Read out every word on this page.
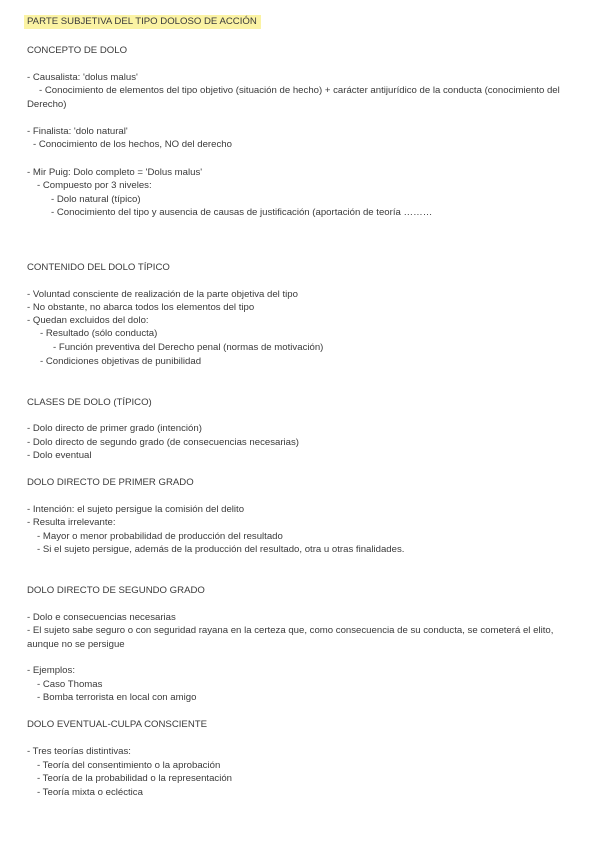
PARTE SUBJETIVA DEL TIPO DOLOSO DE ACCIÓN

CONCEPTO DE DOLO

- Causalista: 'dolus malus'

- Conocimiento de elementos del tipo objetivo (situación de hecho) + carácter antijurídico de la conducta (conocimiento del Derecho)

- Finalista: 'dolo natural'

- Conocimiento de los hechos, NO del derecho

- Mir Puig: Dolo completo = 'Dolus malus'

- Compuesto por 3 niveles:

- Dolo natural (típico)

- Conocimiento del tipo y ausencia de causas de justificación (aportación de teoría ………

CONTENIDO DEL DOLO TÍPICO

- Voluntad consciente de realización de la parte objetiva del tipo

- No obstante, no abarca todos los elementos del tipo

- Quedan excluidos del dolo:

- Resultado (sólo conducta)

- Función preventiva del Derecho penal (normas de motivación)

- Condiciones objetivas de punibilidad

CLASES DE DOLO (TÍPICO)

- Dolo directo de primer grado (intención)

- Dolo directo de segundo grado (de consecuencias necesarias)

- Dolo eventual

DOLO DIRECTO DE PRIMER GRADO

- Intención: el sujeto persigue la comisión del delito

- Resulta irrelevante:

- Mayor o menor probabilidad de producción del resultado

- Si el sujeto persigue, además de la producción del resultado, otra u otras finalidades.

DOLO DIRECTO DE SEGUNDO GRADO

- Dolo e consecuencias necesarias

- El sujeto sabe seguro o con seguridad rayana en la certeza que, como consecuencia de su conducta, se cometerá el elito, aunque no se persigue

- Ejemplos:

- Caso Thomas

- Bomba terrorista en local con amigo

DOLO EVENTUAL-CULPA CONSCIENTE

- Tres teorías distintivas:

- Teoría del consentimiento o la aprobación

- Teoría de la probabilidad o la representación

- Teoría mixta o ecléctica
